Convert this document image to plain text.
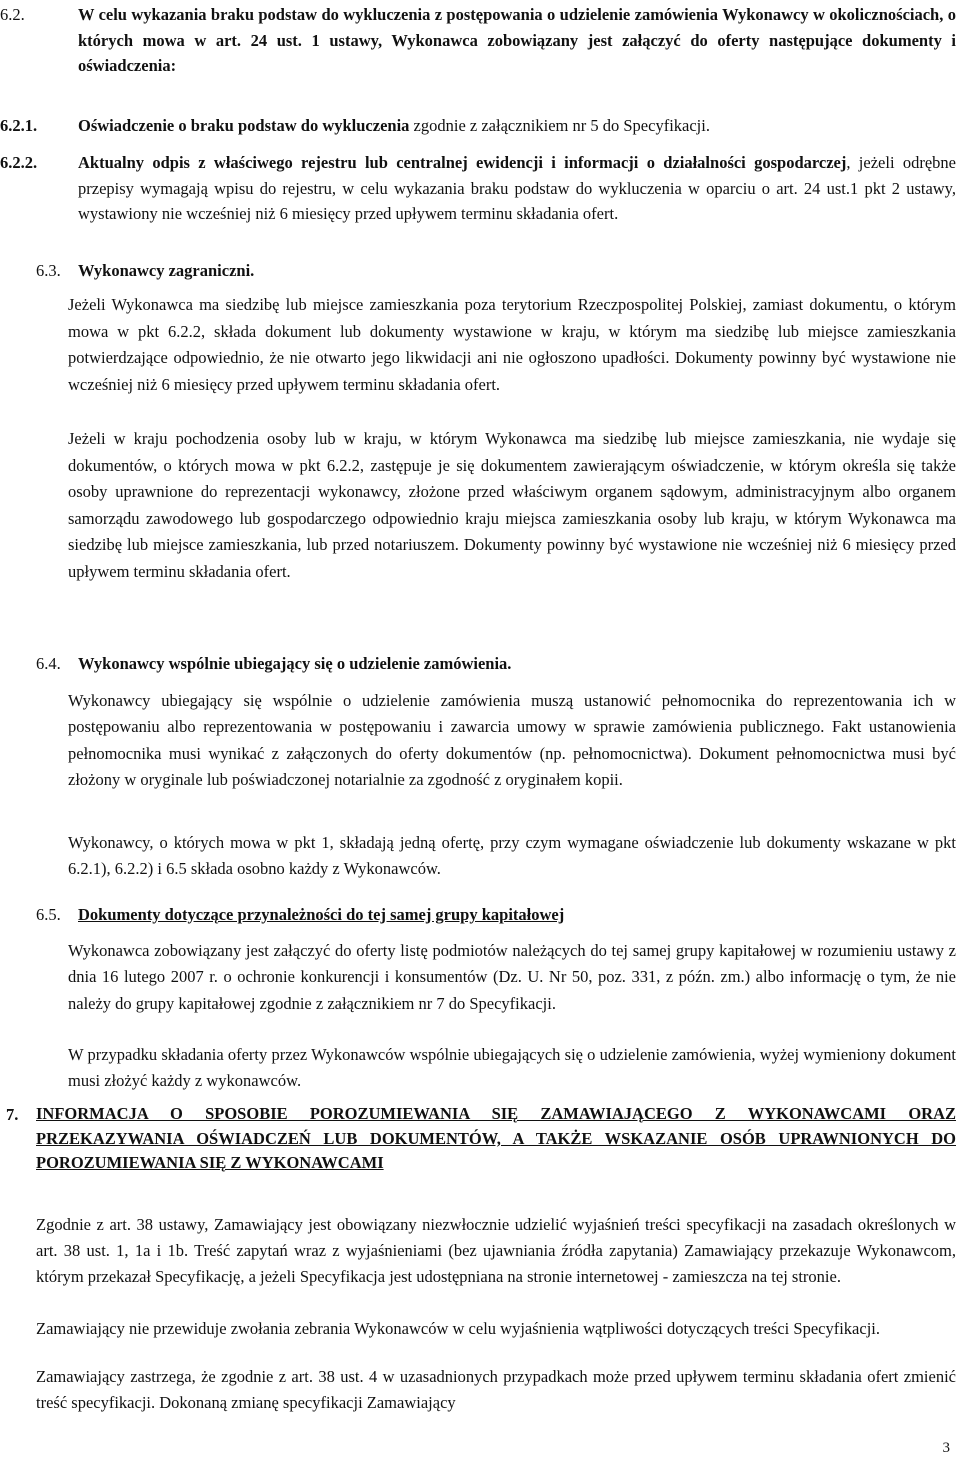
6.2.	W celu wykazania braku podstaw do wykluczenia z postępowania o udzielenie zamówienia Wykonawcy w okolicznościach, o których mowa w art. 24 ust. 1 ustawy, Wykonawca zobowiązany jest załączyć do oferty następujące dokumenty i oświadczenia:

6.2.1. Oświadczenie o braku podstaw do wykluczenia zgodnie z załącznikiem nr 5 do Specyfikacji.

6.2.2. Aktualny odpis z właściwego rejestru lub centralnej ewidencji i informacji o działalności gospodarczej, jeżeli odrębne przepisy wymagają wpisu do rejestru, w celu wykazania braku podstaw do wykluczenia w oparciu o art. 24 ust.1 pkt 2 ustawy, wystawiony nie wcześniej niż 6 miesięcy przed upływem terminu składania ofert.

6.3. Wykonawcy zagraniczni.

Jeżeli Wykonawca ma siedzibę lub miejsce zamieszkania poza terytorium Rzeczpospolitej Polskiej, zamiast dokumentu, o którym mowa w pkt 6.2.2, składa dokument lub dokumenty wystawione w kraju, w którym ma siedzibę lub miejsce zamieszkania potwierdzające odpowiednio, że nie otwarto jego likwidacji ani nie ogłoszono upadłości. Dokumenty powinny być wystawione nie wcześniej niż 6 miesięcy przed upływem terminu składania ofert.

Jeżeli w kraju pochodzenia osoby lub w kraju, w którym Wykonawca ma siedzibę lub miejsce zamieszkania, nie wydaje się dokumentów, o których mowa w pkt 6.2.2, zastępuje je się dokumentem zawierającym oświadczenie, w którym określa się także osoby uprawnione do reprezentacji wykonawcy, złożone przed właściwym organem sądowym, administracyjnym albo organem samorządu zawodowego lub gospodarczego odpowiednio kraju miejsca zamieszkania osoby lub kraju, w którym Wykonawca ma siedzibę lub miejsce zamieszkania, lub przed notariuszem. Dokumenty powinny być wystawione nie wcześniej niż 6 miesięcy przed upływem terminu składania ofert.

6.4. Wykonawcy wspólnie ubiegający się o udzielenie zamówienia.

Wykonawcy ubiegający się wspólnie o udzielenie zamówienia muszą ustanowić pełnomocnika do reprezentowania ich w postępowaniu albo reprezentowania w postępowaniu i zawarcia umowy w sprawie zamówienia publicznego. Fakt ustanowienia pełnomocnika musi wynikać z załączonych do oferty dokumentów (np. pełnomocnictwa). Dokument pełnomocnictwa musi być złożony w oryginale lub poświadczonej notarialnie za zgodność z oryginałem kopii.

Wykonawcy, o których mowa w pkt 1, składają jedną ofertę, przy czym wymagane oświadczenie lub dokumenty wskazane w pkt 6.2.1), 6.2.2) i 6.5 składa osobno każdy z Wykonawców.

6.5. Dokumenty dotyczące przynależności do tej samej grupy kapitałowej

Wykonawca zobowiązany jest załączyć do oferty listę podmiotów należących do tej samej grupy kapitałowej w rozumieniu ustawy z dnia 16 lutego 2007 r. o ochronie konkurencji i konsumentów (Dz. U. Nr 50, poz. 331, z późn. zm.) albo informację o tym, że nie należy do grupy kapitałowej zgodnie z załącznikiem nr 7 do Specyfikacji.

W przypadku składania oferty przez Wykonawców wspólnie ubiegających się o udzielenie zamówienia, wyżej wymieniony dokument musi złożyć każdy z wykonawców.

7. INFORMACJA O SPOSOBIE POROZUMIEWANIA SIĘ ZAMAWIAJĄCEGO Z WYKONAWCAMI ORAZ PRZEKAZYWANIA OŚWIADCZEŃ LUB DOKUMENTÓW, A TAKŻE WSKAZANIE OSÓB UPRAWNIONYCH DO POROZUMIEWANIA SIĘ Z WYKONAWCAMI

Zgodnie z art. 38 ustawy, Zamawiający jest obowiązany niezwłocznie udzielić wyjaśnień treści specyfikacji na zasadach określonych w art. 38 ust. 1, 1a i 1b. Treść zapytań wraz z wyjaśnieniami (bez ujawniania źródła zapytania) Zamawiający przekazuje Wykonawcom, którym przekazał Specyfikację, a jeżeli Specyfikacja jest udostępniana na stronie internetowej - zamieszcza na tej stronie.

Zamawiający nie przewiduje zwołania zebrania Wykonawców w celu wyjaśnienia wątpliwości dotyczących treści Specyfikacji.

Zamawiający zastrzega, że zgodnie z art. 38 ust. 4 w uzasadnionych przypadkach może przed upływem terminu składania ofert zmienić treść specyfikacji. Dokonaną zmianę specyfikacji Zamawiający

3
